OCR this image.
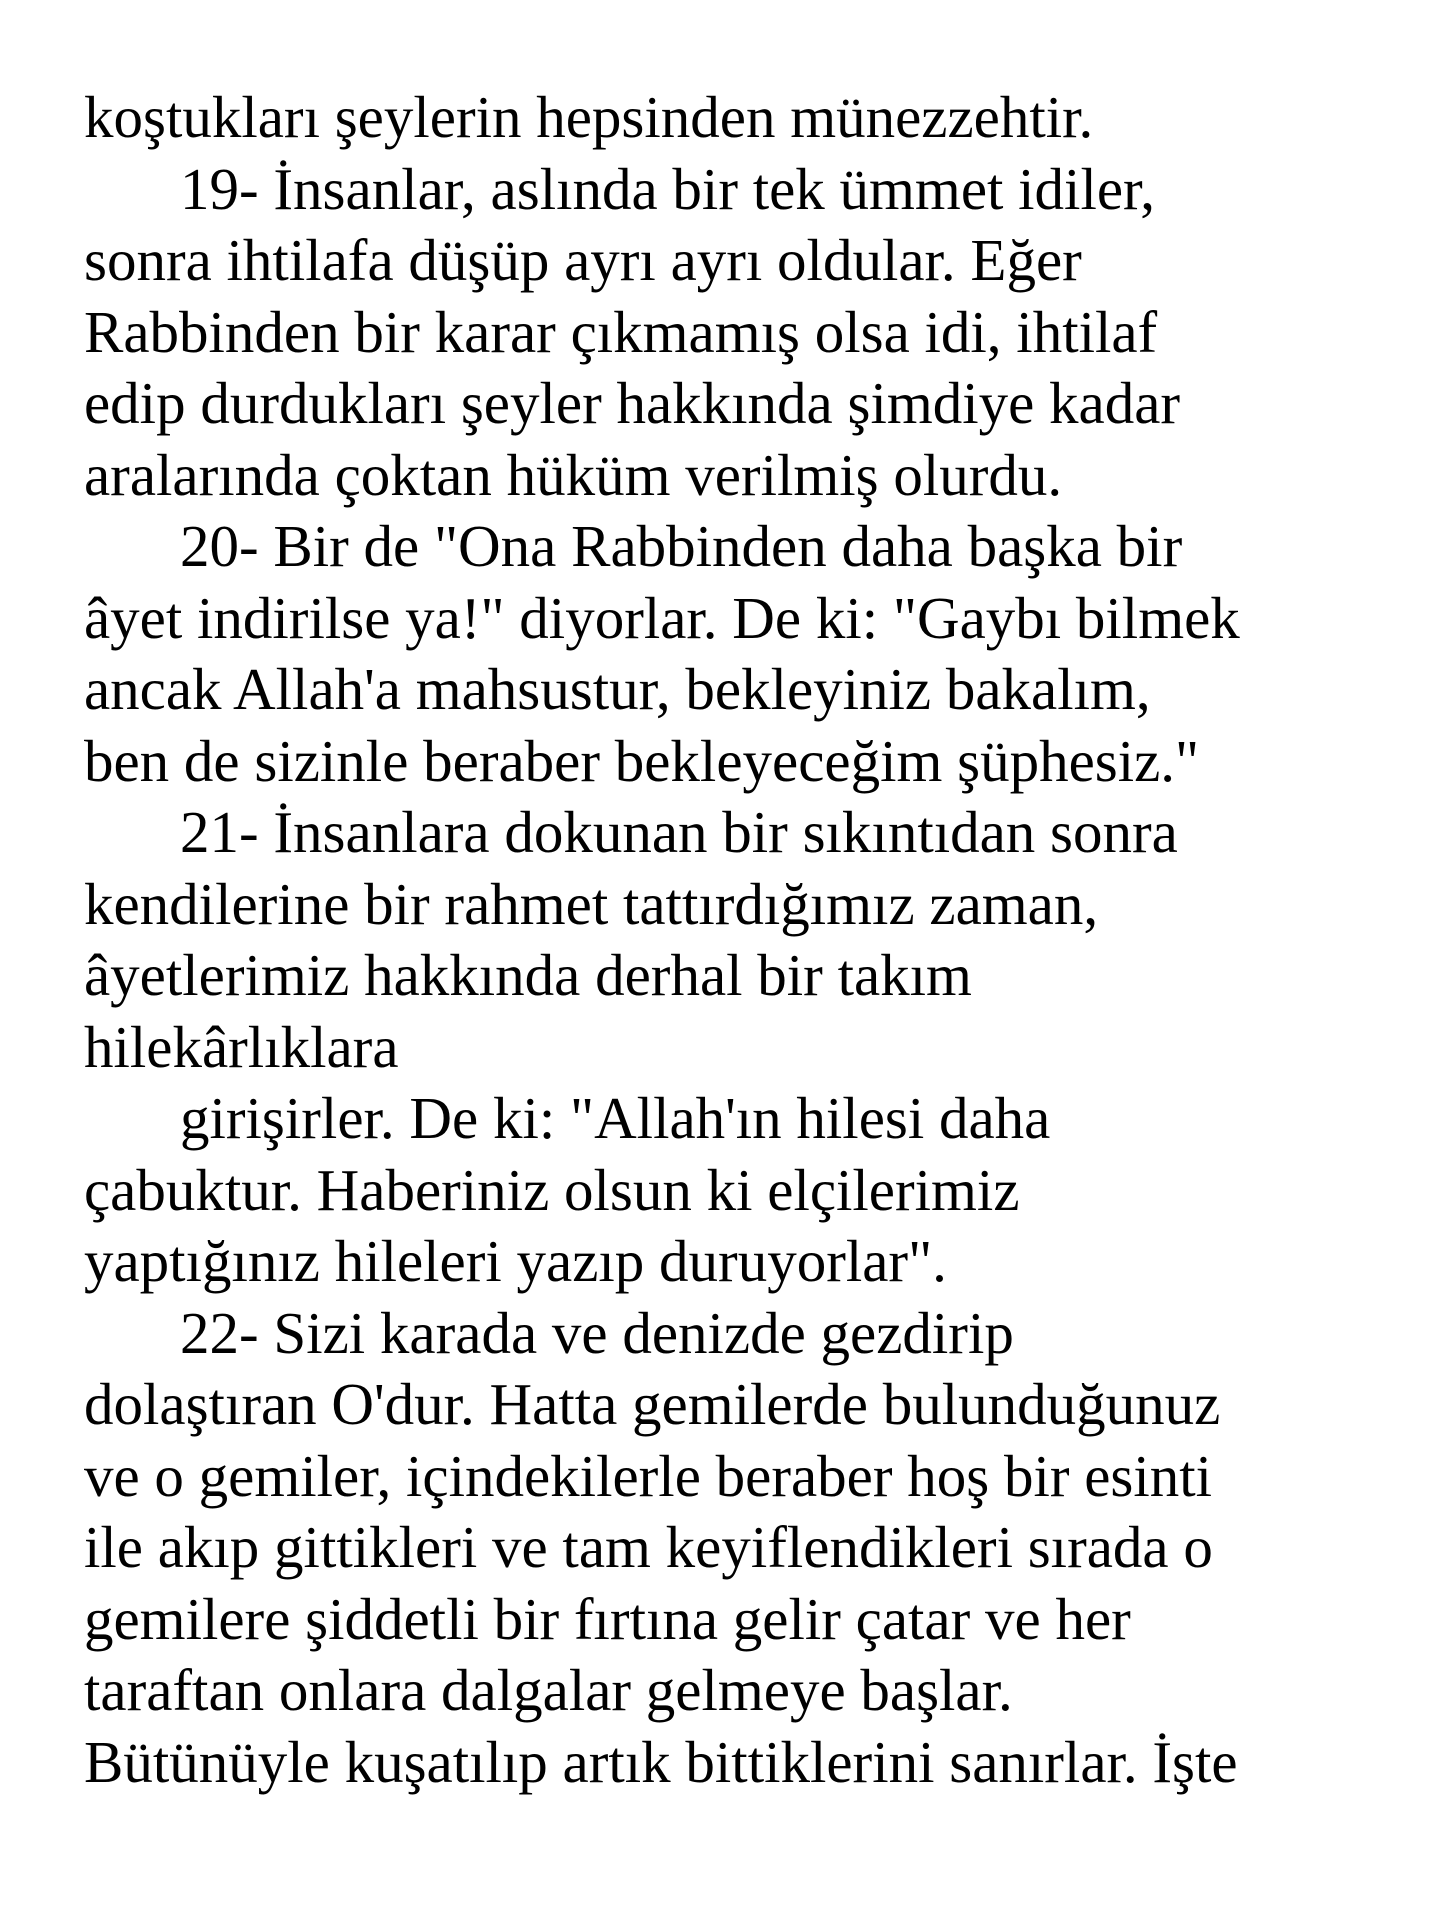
koştukları şeylerin hepsinden münezzehtir.
19- İnsanlar, aslında bir tek ümmet idiler,
sonra ihtilafa düşüp ayrı ayrı oldular. Eğer
Rabbinden bir karar çıkmamış olsa idi, ihtilaf
edip durdukları şeyler hakkında şimdiye kadar
aralarında çoktan hüküm verilmiş olurdu.
20- Bir de "Ona Rabbinden daha başka bir
âyet indirilse ya!" diyorlar. De ki: "Gaybı bilmek
ancak Allah'a mahsustur, bekleyiniz bakalım,
ben de sizinle beraber bekleyeceğim şüphesiz."
21- İnsanlara dokunan bir sıkıntıdan sonra
kendilerine bir rahmet tattırdığımız zaman,
âyetlerimiz hakkında derhal bir takım
hilekârlıklara
girişirler. De ki: "Allah'ın hilesi daha
çabuktur. Haberiniz olsun ki elçilerimiz
yaptığınız hileleri yazıp duruyorlar".
22- Sizi karada ve denizde gezdirip
dolaştıran O'dur. Hatta gemilerde bulunduğunuz
ve o gemiler, içindekilerle beraber hoş bir esinti
ile akıp gittikleri ve tam keyiflendikleri sırada o
gemilere şiddetli bir fırtına gelir çatar ve her
taraftan onlara dalgalar gelmeye başlar.
Bütünüyle kuşatılıp artık bittiklerini sanırlar. İşte
